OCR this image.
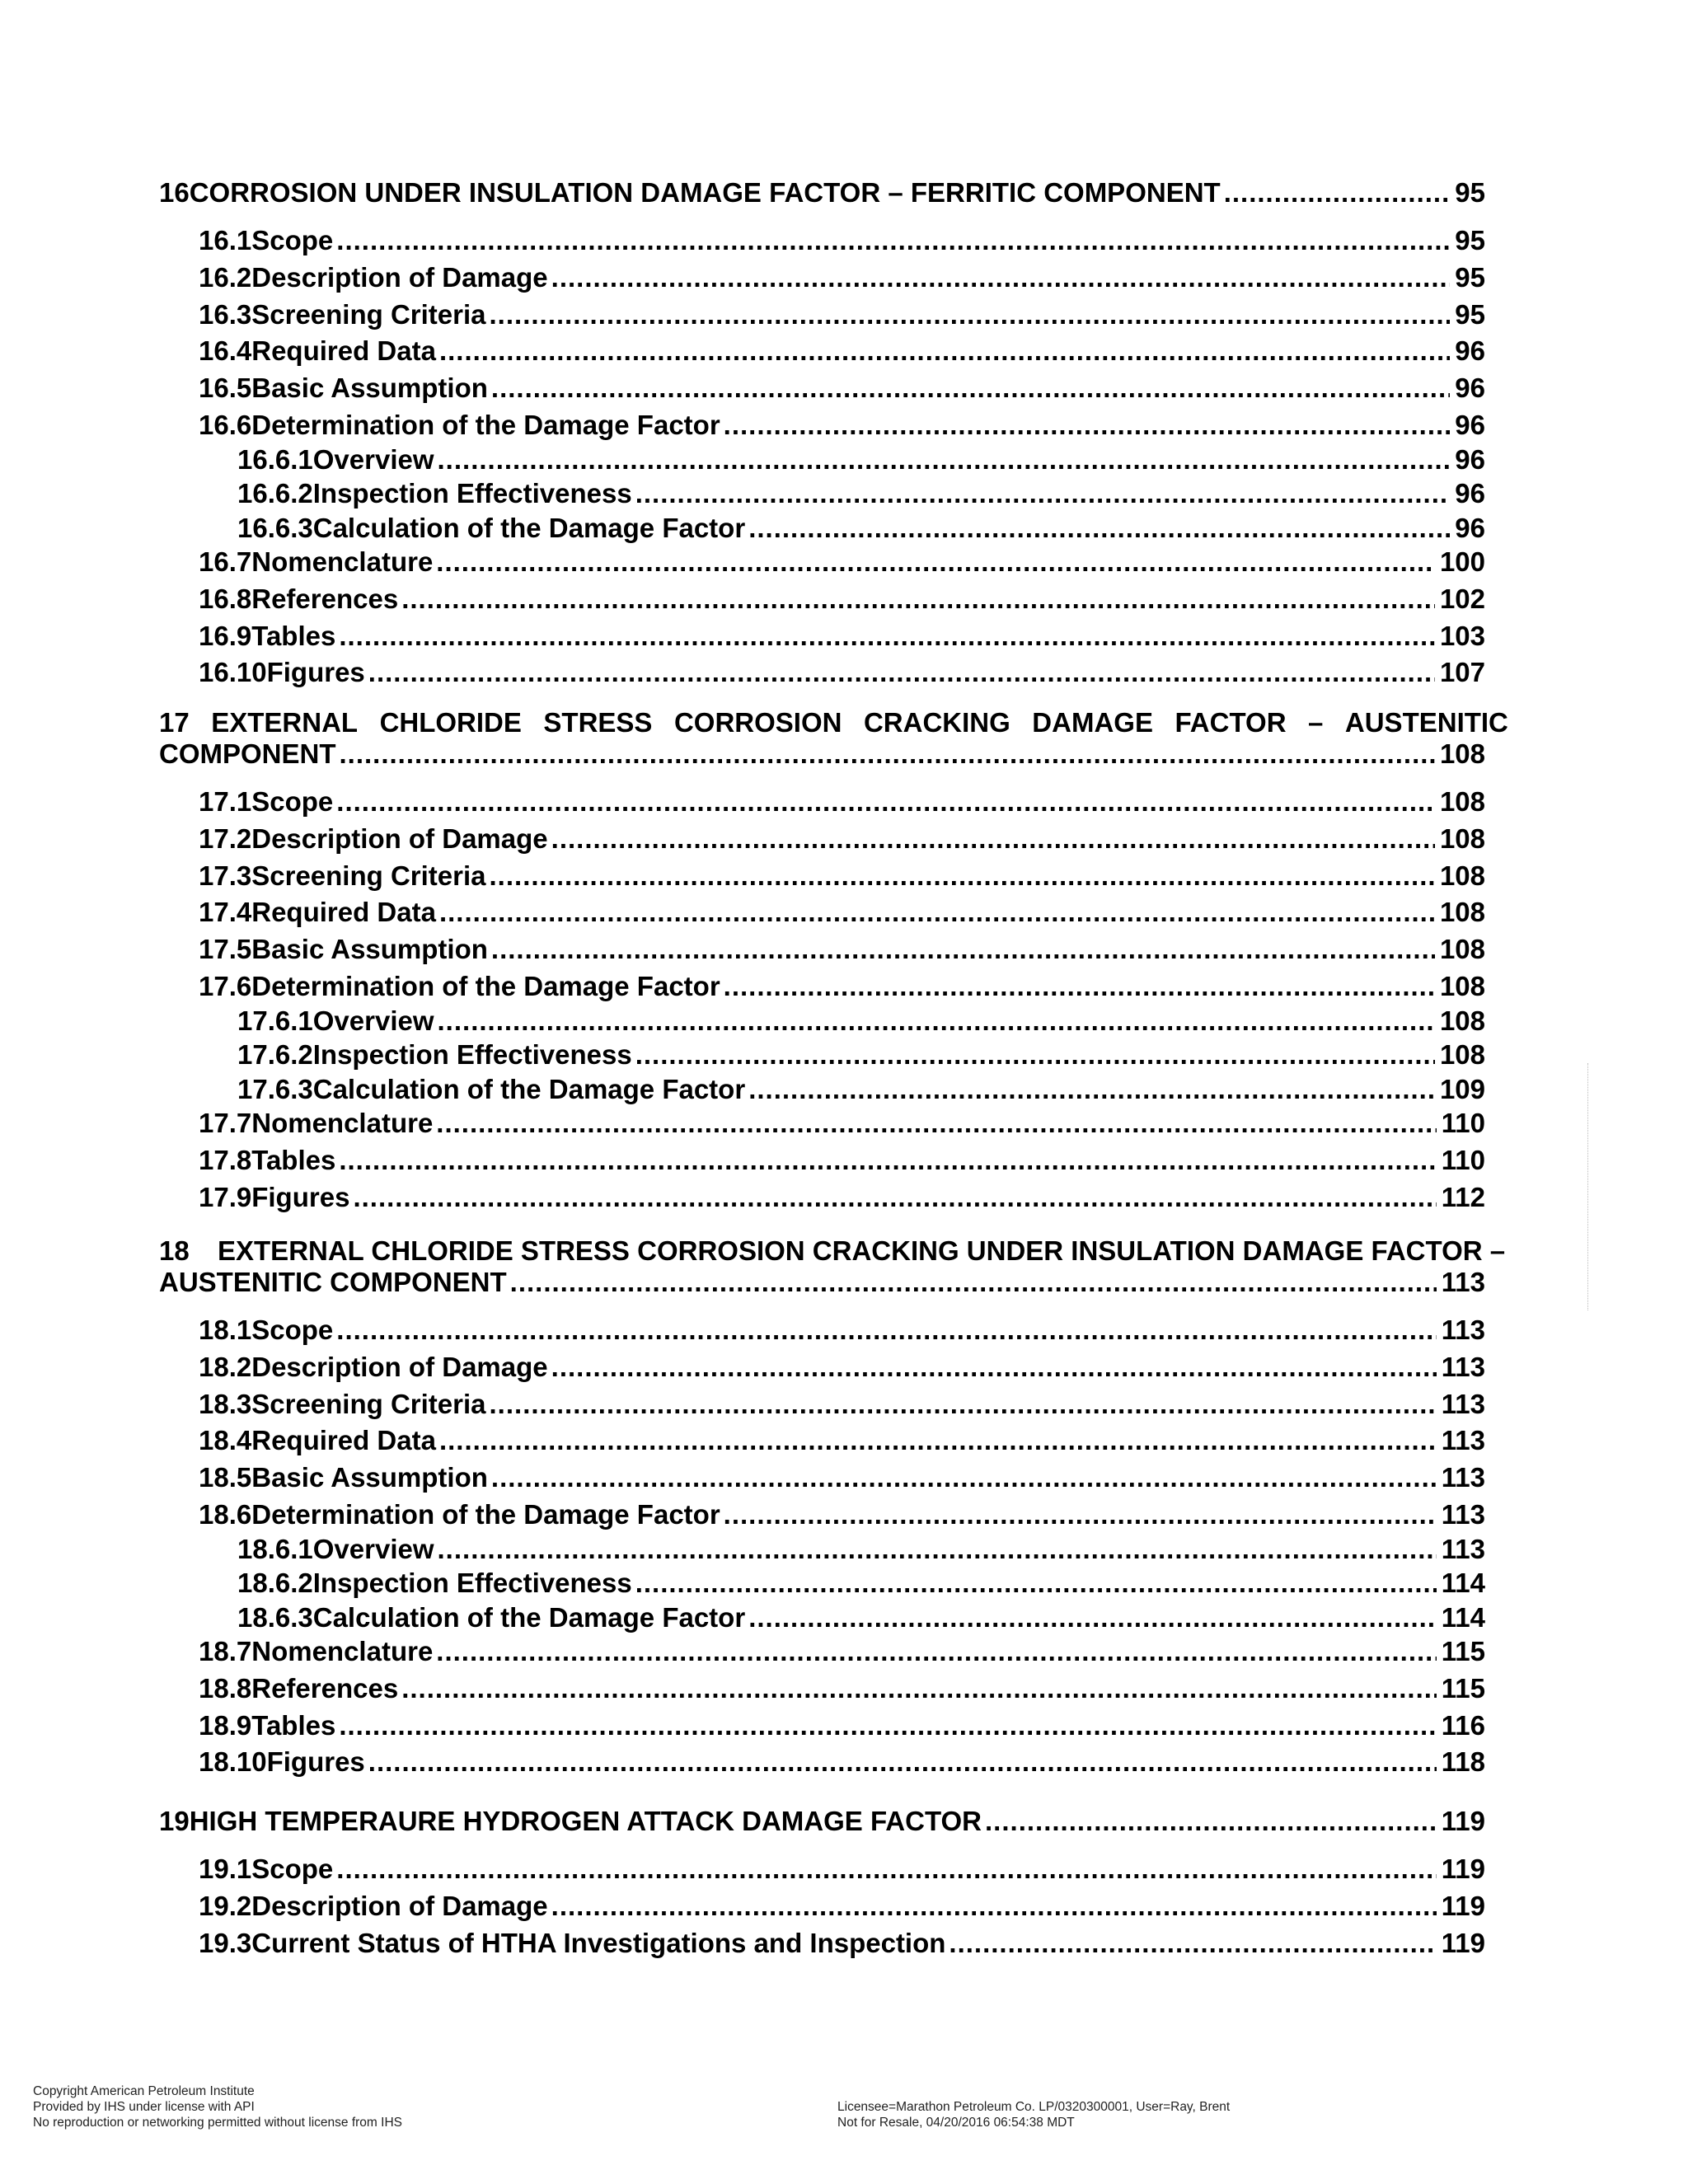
16 CORROSION UNDER INSULATION DAMAGE FACTOR – FERRITIC COMPONENT .....	95
16.1 Scope .....	95
16.2 Description of Damage .....	95
16.3 Screening Criteria .....	95
16.4 Required Data .....	96
16.5 Basic Assumption .....	96
16.6 Determination of the Damage Factor .....	96
16.6.1 Overview .....	96
16.6.2 Inspection Effectiveness .....	96
16.6.3 Calculation of the Damage Factor .....	96
16.7 Nomenclature .....	100
16.8 References .....	102
16.9 Tables .....	103
16.10 Figures .....	107
17 EXTERNAL CHLORIDE STRESS CORROSION CRACKING DAMAGE FACTOR – AUSTENITIC
COMPONENT .....	108
17.1 Scope .....	108
17.2 Description of Damage .....	108
17.3 Screening Criteria .....	108
17.4 Required Data .....	108
17.5 Basic Assumption .....	108
17.6 Determination of the Damage Factor .....	108
17.6.1 Overview .....	108
17.6.2 Inspection Effectiveness .....	108
17.6.3 Calculation of the Damage Factor .....	109
17.7 Nomenclature .....	110
17.8 Tables .....	110
17.9 Figures .....	112
18	EXTERNAL CHLORIDE STRESS CORROSION CRACKING UNDER INSULATION DAMAGE FACTOR –
AUSTENITIC COMPONENT .....	113
18.1 Scope .....	113
18.2 Description of Damage .....	113
18.3 Screening Criteria .....	113
18.4 Required Data .....	113
18.5 Basic Assumption .....	113
18.6 Determination of the Damage Factor .....	113
18.6.1 Overview .....	113
18.6.2 Inspection Effectiveness .....	114
18.6.3 Calculation of the Damage Factor .....	114
18.7 Nomenclature .....	115
18.8 References .....	115
18.9 Tables .....	116
18.10 Figures .....	118
19 HIGH TEMPERAURE HYDROGEN ATTACK DAMAGE FACTOR .....	119
19.1 Scope .....	119
19.2 Description of Damage .....	119
19.3 Current Status of HTHA Investigations and Inspection .....	119
Copyright American Petroleum Institute
Provided by IHS under license with API
No reproduction or networking permitted without license from IHS
Licensee=Marathon Petroleum Co. LP/0320300001, User=Ray, Brent
Not for Resale, 04/20/2016 06:54:38 MDT
